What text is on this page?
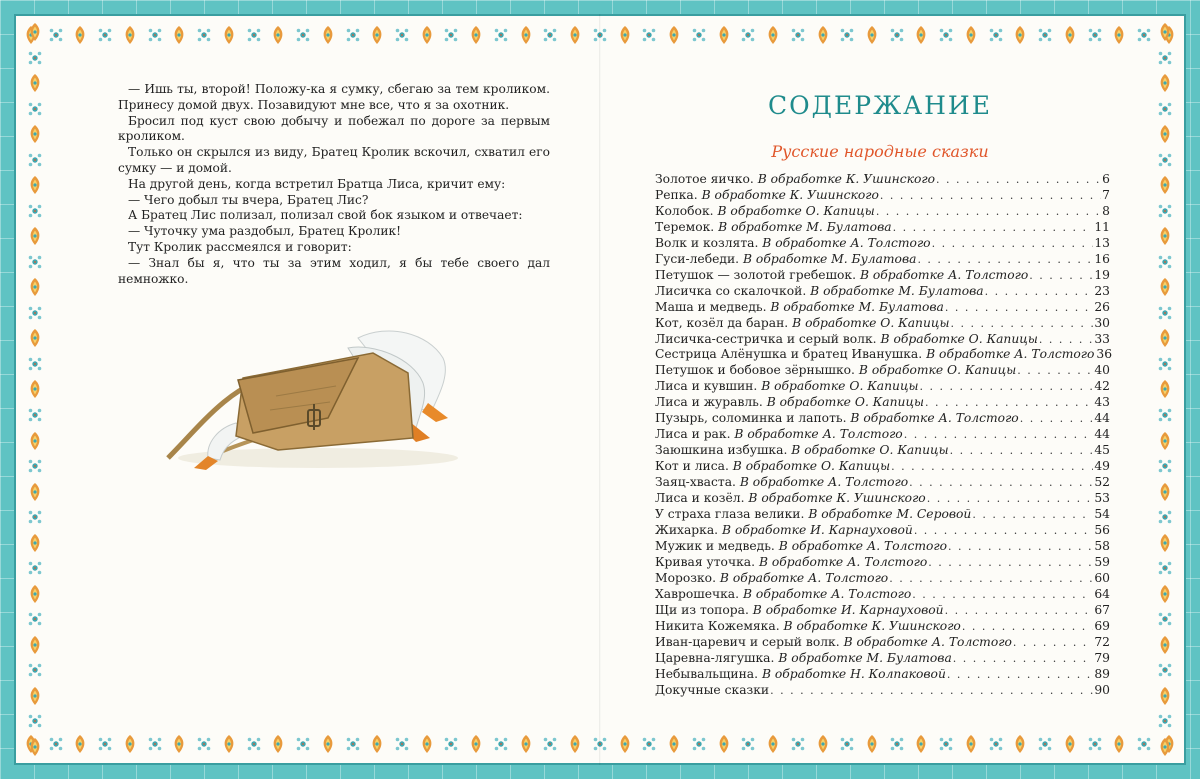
— Ишь ты, второй! Положу-ка я сумку, сбегаю за тем кроликом. Принесу домой двух. Позавидуют мне все, что я за охотник.

Бросил под куст свою добычу и побежал по дороге за первым кроликом.

Только он скрылся из виду, Братец Кролик вскочил, схватил его сумку — и домой.

На другой день, когда встретил Братца Лиса, кричит ему:

— Чего добыл ты вчера, Братец Лис?

А Братец Лис полизал, полизал свой бок языком и отвечает:

— Чуточку ума раздобыл, Братец Кролик!

Тут Кролик рассмеялся и говорит:

— Знал бы я, что ты за этим ходил, я бы тебе своего дал немножко.

СОДЕРЖАНИЕ
Русские народные сказки
Золотое яичко. В обработке К. Ушинского . . .	6
Репка. В обработке К. Ушинского . . .	7
Колобок. В обработке О. Капицы . . .	8
Теремок. В обработке М. Булатова . . .	11
Волк и козлята. В обработке А. Толстого . . .	13
Гуси-лебеди. В обработке М. Булатова . . .	16
Петушок — золотой гребешок. В обработке А. Толстого . . .	19
Лисичка со скалочкой. В обработке М. Булатова . . .	23
Маша и медведь. В обработке М. Булатова . . .	26
Кот, козёл да баран. В обработке О. Капицы . . .	30
Лисичка-сестричка и серый волк. В обработке О. Капицы . . .	33
Сестрица Алёнушка и братец Иванушка. В обработке А. Толстого 36
Петушок и бобовое зёрнышко. В обработке О. Капицы . . .	40
Лиса и кувшин. В обработке О. Капицы . . .	42
Лиса и журавль. В обработке О. Капицы . . .	43
Пузырь, соломинка и лапоть. В обработке А. Толстого . . .	44
Лиса и рак. В обработке А. Толстого . . .	44
Заюшкина избушка. В обработке О. Капицы . . .	45
Кот и лиса. В обработке О. Капицы . . .	49
Заяц-хваста. В обработке А. Толстого . . .	52
Лиса и козёл. В обработке К. Ушинского . . .	53
У страха глаза велики. В обработке М. Серовой . . .	54
Жихарка. В обработке И. Карнауховой . . .	56
Мужик и медведь. В обработке А. Толстого . . .	58
Кривая уточка. В обработке А. Толстого . . .	59
Морозко. В обработке А. Толстого . . .	60
Хаврошечка. В обработке А. Толстого . . .	64
Щи из топора. В обработке И. Карнауховой . . .	67
Никита Кожемяка. В обработке К. Ушинского . . .	69
Иван-царевич и серый волк. В обработке А. Толстого . . .	72
Царевна-лягушка. В обработке М. Булатова . . .	79
Небывальщина. В обработке Н. Колпаковой . . .	89
Докучные сказки . . .	90
